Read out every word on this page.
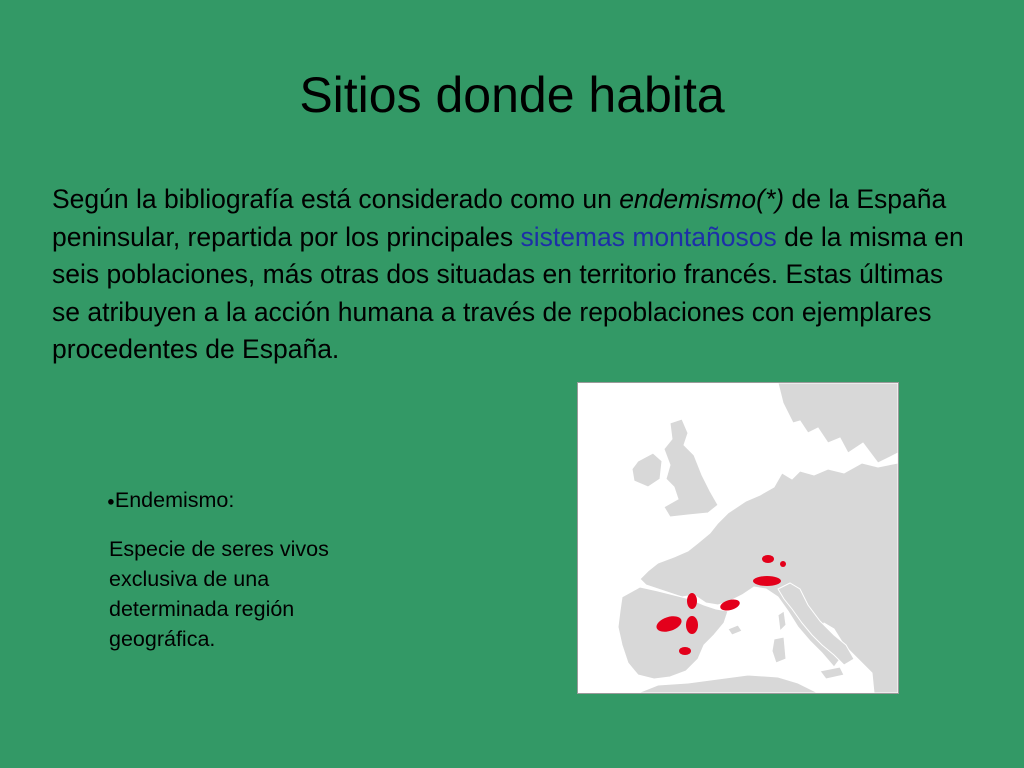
Sitios donde habita
Según la bibliografía está considerado como un endemismo(*) de la España peninsular, repartida por los principales sistemas montañosos de la misma en seis poblaciones, más otras dos situadas en territorio francés. Estas últimas se atribuyen a la acción humana a través de repoblaciones con ejemplares procedentes de España.
●Endemismo:
Especie de seres vivos exclusiva de una determinada región geográfica.
